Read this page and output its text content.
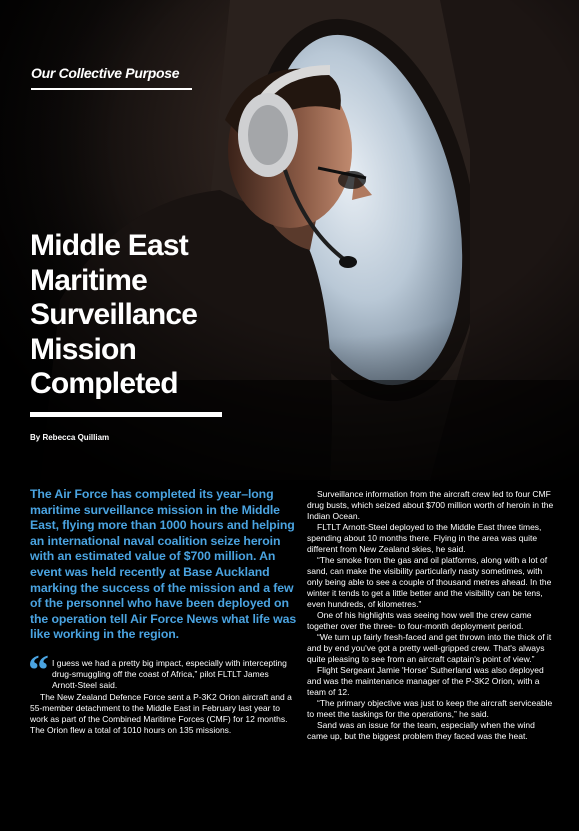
Our Collective Purpose
Middle East
Maritime
Surveillance
Mission
Completed
By Rebecca Quilliam

The Air Force has completed its year–long maritime surveillance mission in the Middle East, flying more than 1000 hours and helping an international naval coalition seize heroin with an estimated value of $700 million. An event was held recently at Base Auckland marking the success of the mission and a few of the personnel who have been deployed on the operation tell Air Force News what life was like working in the region.

“ I guess we had a pretty big impact, especially with intercepting drug-smuggling off the coast of Africa,” pilot FLTLT James Arnott-Steel said.

The New Zealand Defence Force sent a P-3K2 Orion aircraft and a 55-member detachment to the Middle East in February last year to work as part of the Combined Maritime Forces (CMF) for 12 months. The Orion flew a total of 1010 hours on 135 missions.

Surveillance information from the aircraft crew led to four CMF drug busts, which seized about $700 million worth of heroin in the Indian Ocean.

FLTLT Arnott-Steel deployed to the Middle East three times, spending about 10 months there. Flying in the area was quite different from New Zealand skies, he said.

“The smoke from the gas and oil platforms, along with a lot of sand, can make the visibility particularly nasty sometimes, with only being able to see a couple of thousand metres ahead. In the winter it tends to get a little better and the visibility can be tens, even hundreds, of kilometres.”

One of his highlights was seeing how well the crew came together over the three- to four-month deployment period.

“We turn up fairly fresh-faced and get thrown into the thick of it and by end you've got a pretty well-gripped crew. That's always quite pleasing to see from an aircraft captain's point of view.”

Flight Sergeant Jamie 'Horse' Sutherland was also deployed and was the maintenance manager of the P-3K2 Orion, with a team of 12.

“The primary objective was just to keep the aircraft serviceable to meet the taskings for the operations,” he said.

Sand was an issue for the team, especially when the wind came up, but the biggest problem they faced was the heat.
